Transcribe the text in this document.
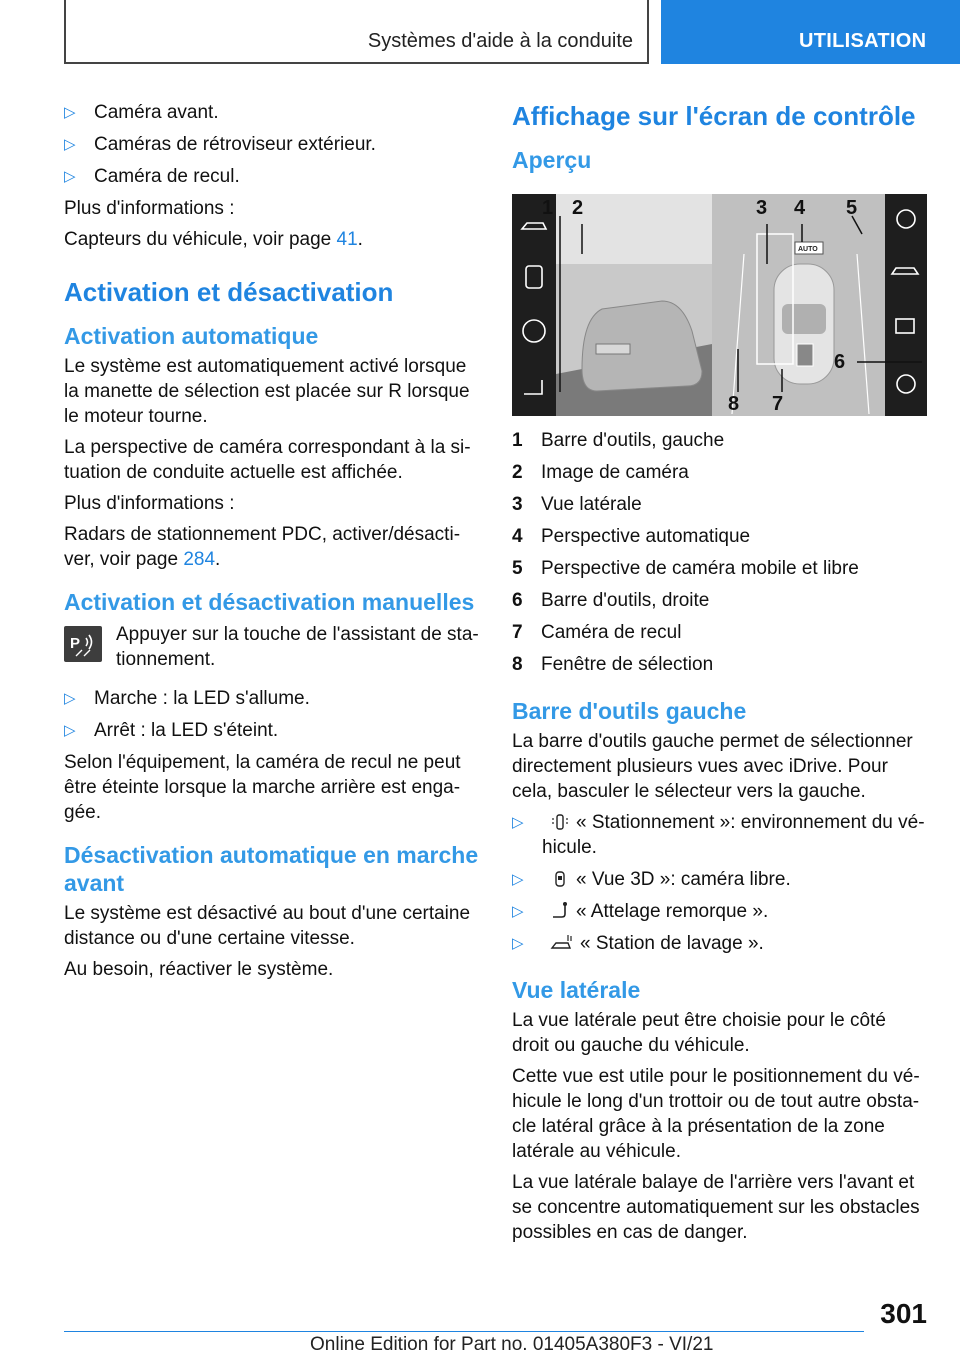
Systèmes d'aide à la conduite	UTILISATION
▷ Caméra avant.
▷ Caméras de rétroviseur extérieur.
▷ Caméra de recul.

Plus d'informations :

Capteurs du véhicule, voir page 41.

Activation et désactivation
Activation automatique

Le système est automatiquement activé lorsque la manette de sélection est placée sur R lorsque le moteur tourne.

La perspective de caméra correspondant à la situation de conduite actuelle est affichée.

Plus d'informations :

Radars de stationnement PDC, activer/désactiver, voir page 284.

Activation et désactivation manuelles
P Appuyer sur la touche de l'assistant de stationnement.

▷ Marche : la LED s'allume.
▷ Arrêt : la LED s'éteint.

Selon l'équipement, la caméra de recul ne peut être éteinte lorsque la marche arrière est engagée.

Désactivation automatique en marche avant

Le système est désactivé au bout d'une certaine distance ou d'une certaine vitesse.

Au besoin, réactiver le système.

Affichage sur l'écran de contrôle
Aperçu
AUTO
1 2	3 4 5
6
7
8
1 Barre d'outils, gauche
2 Image de caméra
3 Vue latérale
4 Perspective automatique
5 Perspective de caméra mobile et libre
6 Barre d'outils, droite
7 Caméra de recul
8 Fenêtre de sélection
Barre d'outils gauche

La barre d'outils gauche permet de sélectionner directement plusieurs vues avec iDrive. Pour cela, basculer le sélecteur vers la gauche.

▷	« Stationnement »: environnement du véhicule.
▷	« Vue 3D »: caméra libre.
▷	« Attelage remorque ».
▷	« Station de lavage ».
Vue latérale

La vue latérale peut être choisie pour le côté droit ou gauche du véhicule.

Cette vue est utile pour le positionnement du véhicule le long d'un trottoir ou de tout autre obstacle latéral grâce à la présentation de la zone latérale au véhicule.

La vue latérale balaye de l'arrière vers l'avant et se concentre automatiquement sur les obstacles possibles en cas de danger.

301
Online Edition for Part no. 01405A380F3 - VI/21
